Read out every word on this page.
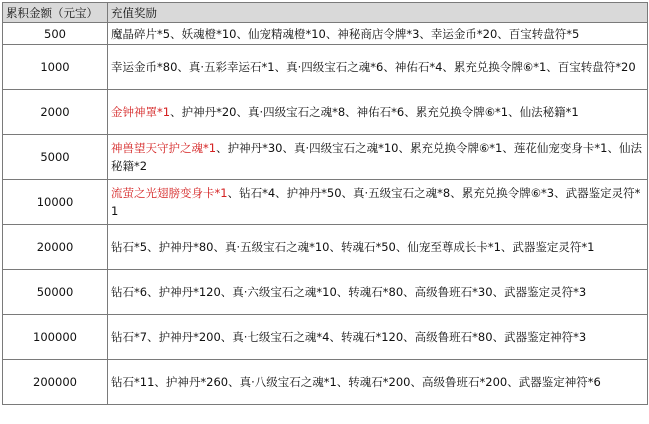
累积金额（元宝）	充值奖励
500	魔晶碎片*5、妖魂橙*10、仙宠精魂橙*10、神秘商店令牌*3、幸运金币*20、百宝转盘符*5
1000	幸运金币*80、真·五彩幸运石*1、真·四级宝石之魂*6、神佑石*4、累充兑换令牌⑥*1、百宝转盘符*20
2000	金钟神罩*1、护神丹*20、真·四级宝石之魂*8、神佑石*6、累充兑换令牌⑥*1、仙法秘籍*1
5000	神兽望天守护之魂*1、护神丹*30、真·四级宝石之魂*10、累充兑换令牌⑥*1、莲花仙宠变身卡*1、仙法秘籍*2
10000	流萤之光翅膀变身卡*1、钻石*4、护神丹*50、真·五级宝石之魂*8、累充兑换令牌⑥*3、武器鉴定灵符*1
20000	钻石*5、护神丹*80、真·五级宝石之魂*10、转魂石*50、仙宠至尊成长卡*1、武器鉴定灵符*1
50000	钻石*6、护神丹*120、真·六级宝石之魂*10、转魂石*80、高级鲁班石*30、武器鉴定灵符*3
100000	钻石*7、护神丹*200、真·七级宝石之魂*4、转魂石*120、高级鲁班石*80、武器鉴定神符*3
200000	钻石*11、护神丹*260、真·八级宝石之魂*1、转魂石*200、高级鲁班石*200、武器鉴定神符*6
